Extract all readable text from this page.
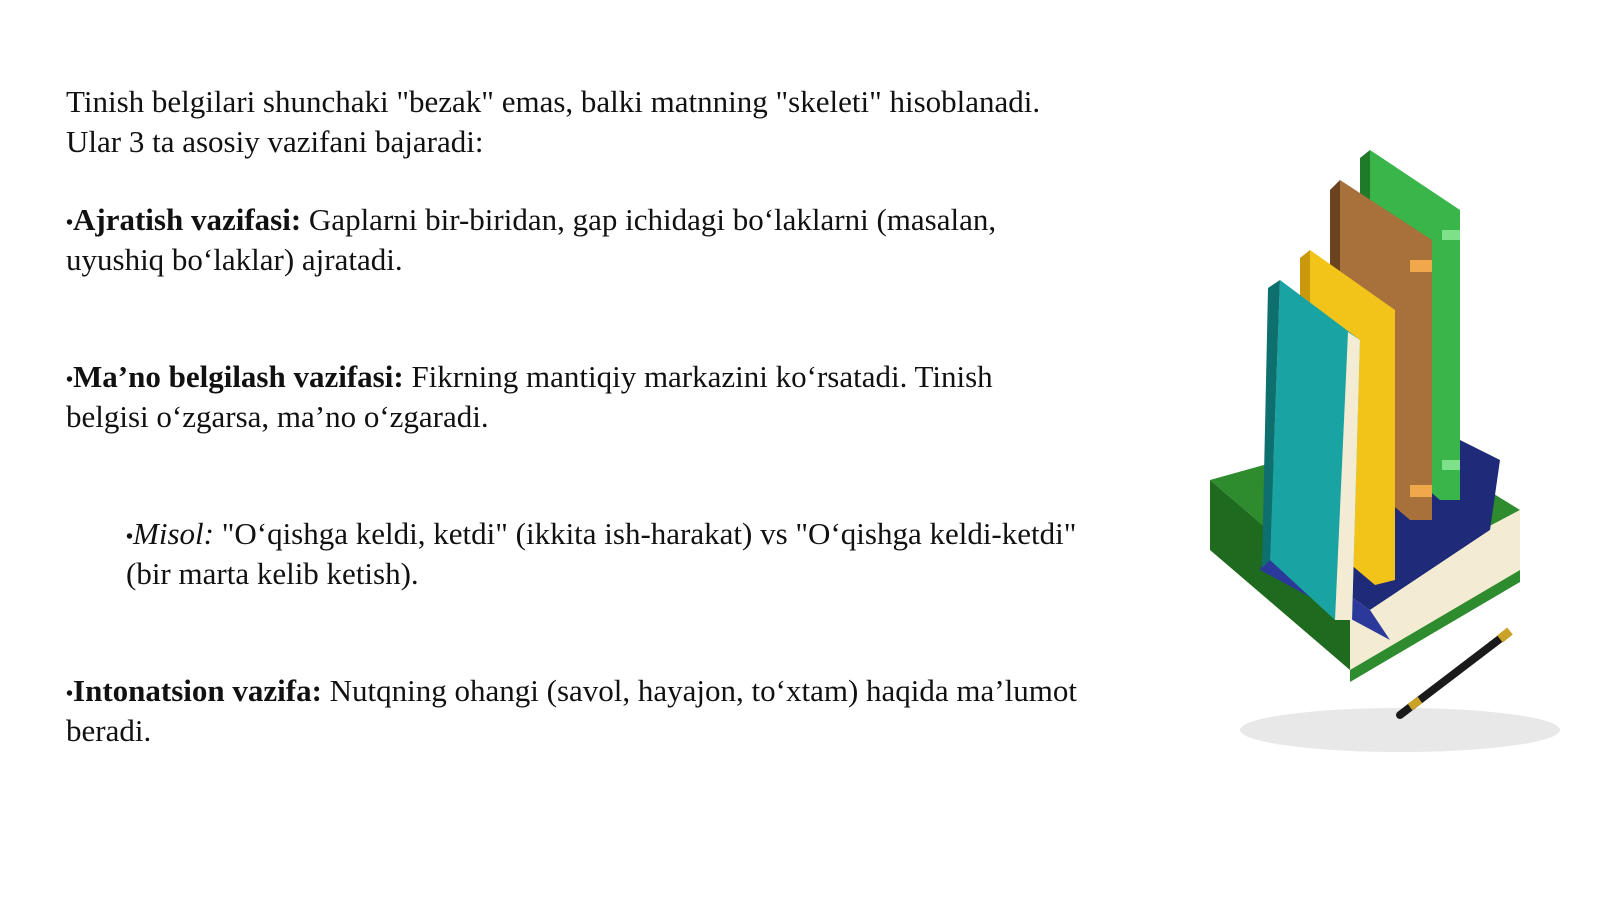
Tinish belgilari shunchaki "bezak" emas, balki matnning "skeleti" hisoblanadi.

Ular 3 ta asosiy vazifani bajaradi:

•Ajratish vazifasi: Gaplarni bir-biridan, gap ichidagi bo‘laklarni (masalan,
uyushiq bo‘laklar) ajratadi.
•Ma’no belgilash vazifasi: Fikrning mantiqiy markazini ko‘rsatadi. Tinish
belgisi o‘zgarsa, ma’no o‘zgaradi.
•Misol: "O‘qishga keldi, ketdi" (ikkita ish-harakat) vs "O‘qishga keldi-ketdi"
(bir marta kelib ketish).
•Intonatsion vazifa: Nutqning ohangi (savol, hayajon, to‘xtam) haqida ma’lumot
beradi.
